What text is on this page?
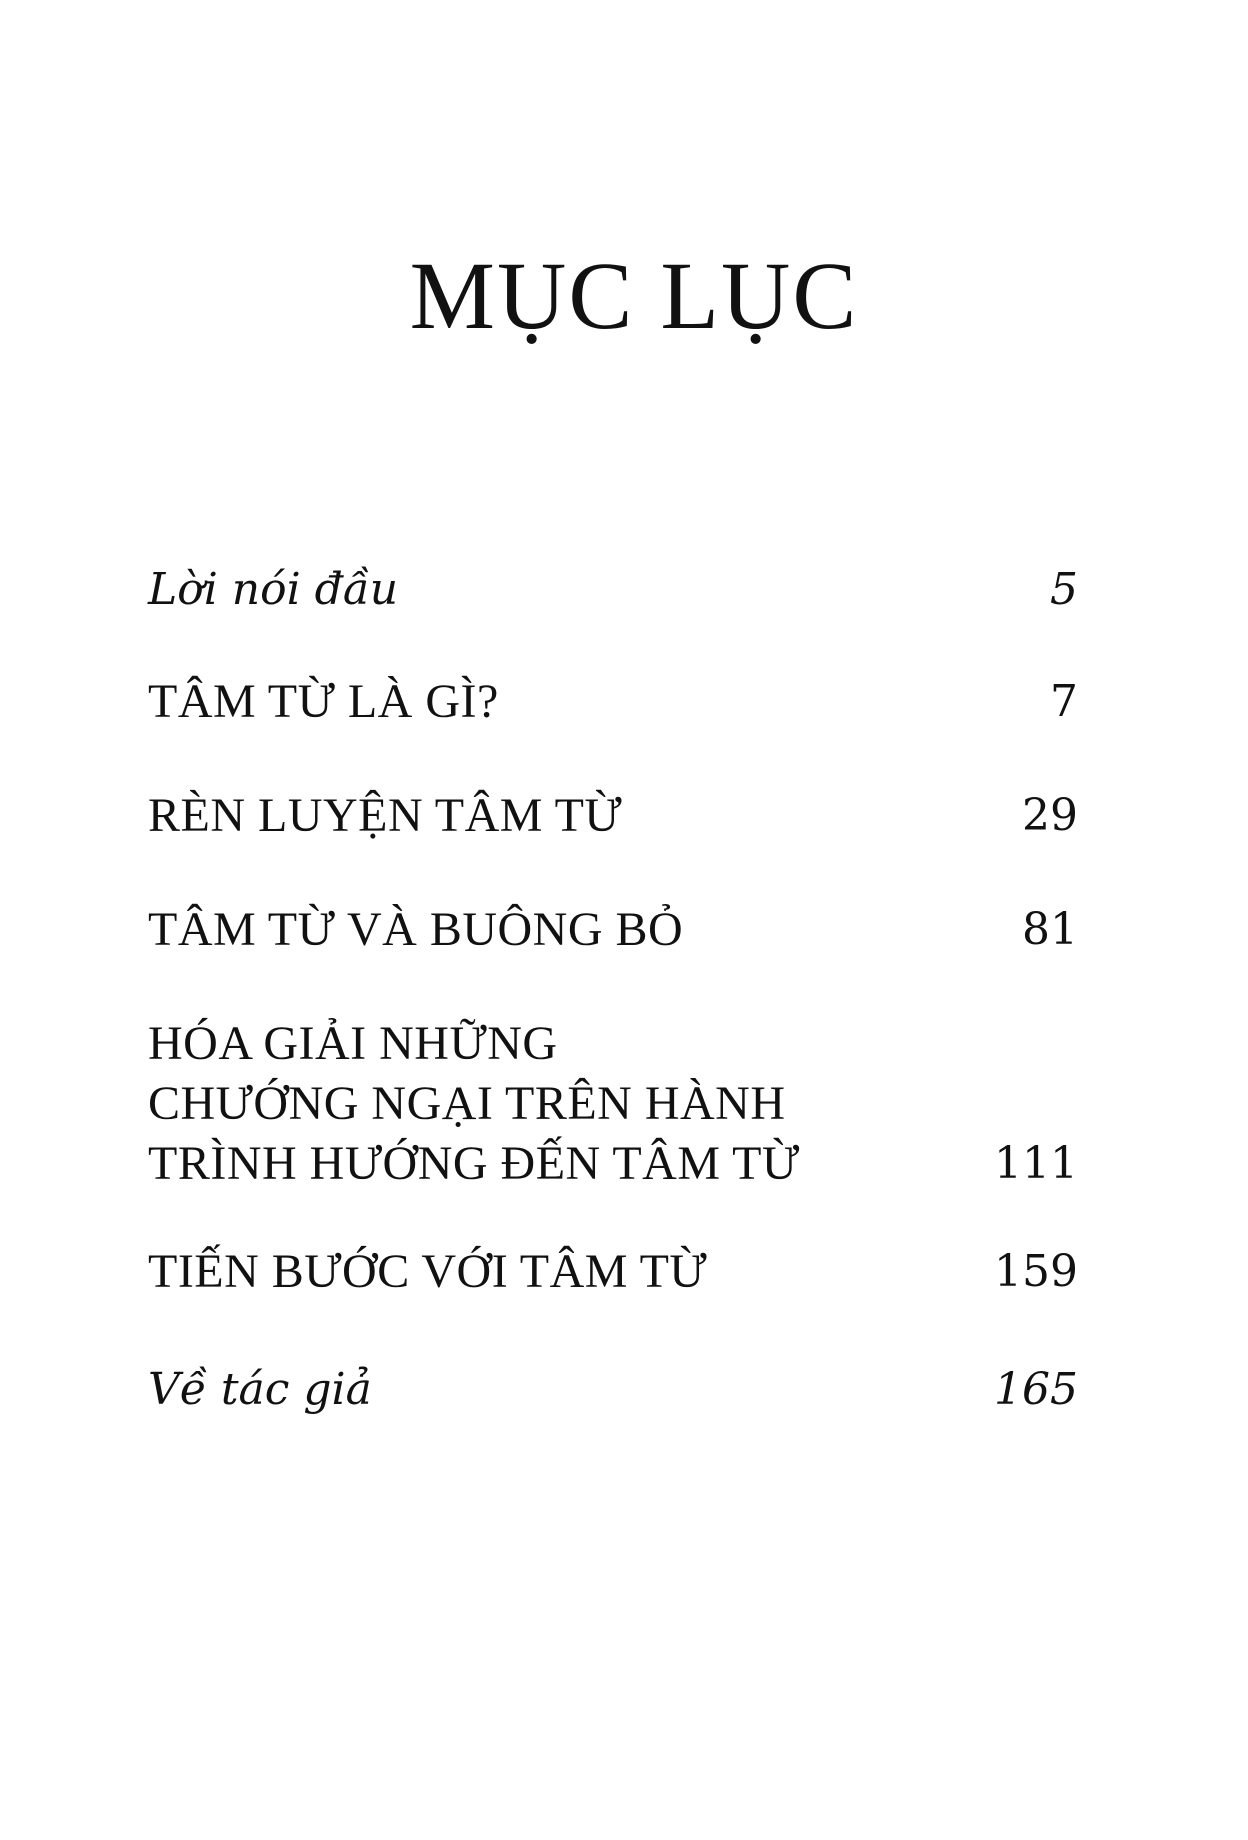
MỤC LỤC
Lời nói đầu	5
TÂM TỪ LÀ GÌ?	7
RÈN LUYỆN TÂM TỪ	29
TÂM TỪ VÀ BUÔNG BỎ	81
HÓA GIẢI NHỮNG
CHƯỚNG NGẠI TRÊN HÀNH
TRÌNH HƯỚNG ĐẾN TÂM TỪ	111
TIẾN BƯỚC VỚI TÂM TỪ	159
Về tác giả	165
